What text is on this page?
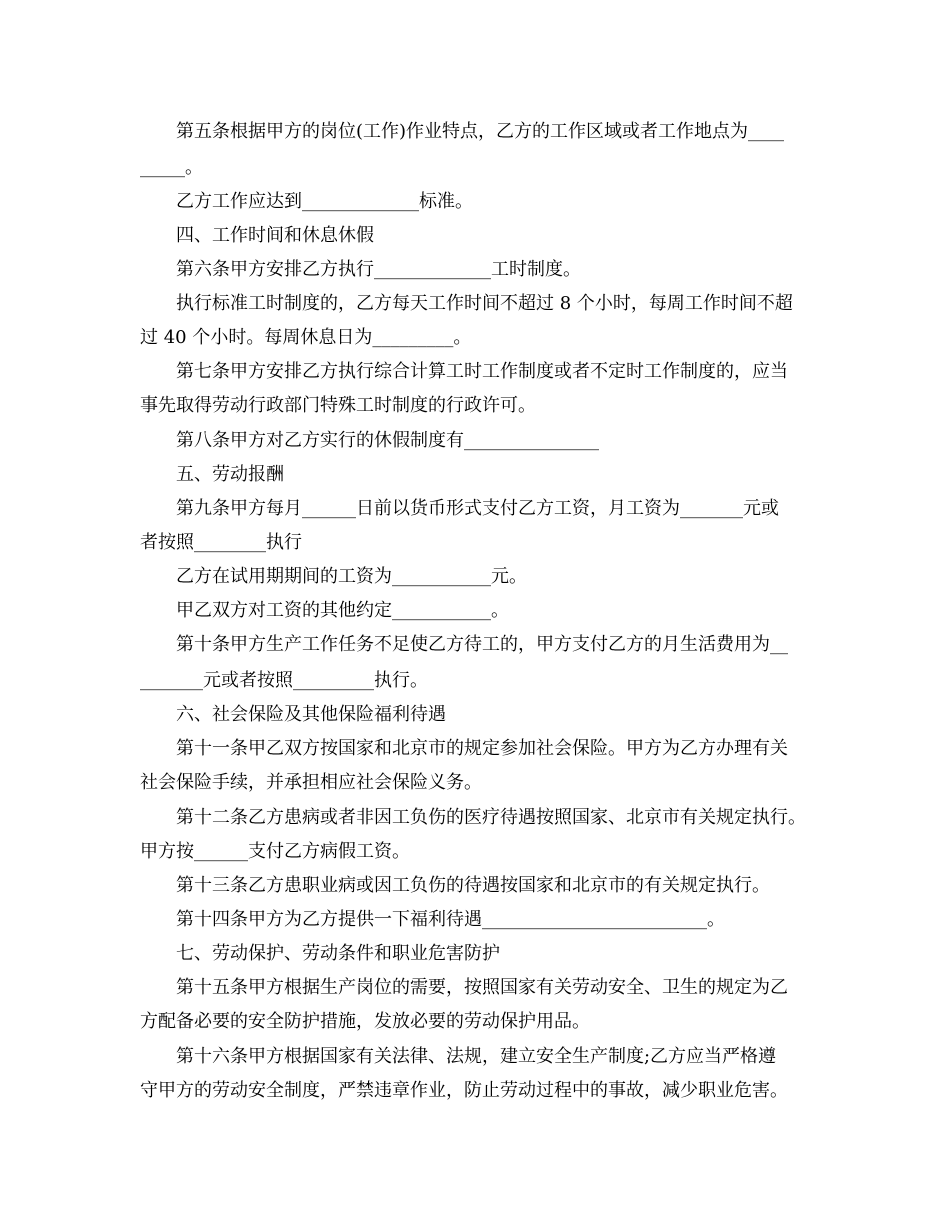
第五条根据甲方的岗位(工作)作业特点，乙方的工作区域或者工作地点为____
_____。
乙方工作应达到_____________标准。
四、工作时间和休息休假
第六条甲方安排乙方执行_____________工时制度。
执行标准工时制度的，乙方每天工作时间不超过 8 个小时，每周工作时间不超
过 40 个小时。每周休息日为_________。
第七条甲方安排乙方执行综合计算工时工作制度或者不定时工作制度的，应当
事先取得劳动行政部门特殊工时制度的行政许可。
第八条甲方对乙方实行的休假制度有_______________
五、劳动报酬
第九条甲方每月______日前以货币形式支付乙方工资，月工资为_______元或
者按照________执行
乙方在试用期期间的工资为___________元。
甲乙双方对工资的其他约定___________。
第十条甲方生产工作任务不足使乙方待工的，甲方支付乙方的月生活费用为__
_______元或者按照_________执行。
六、社会保险及其他保险福利待遇
第十一条甲乙双方按国家和北京市的规定参加社会保险。甲方为乙方办理有关
社会保险手续，并承担相应社会保险义务。
第十二条乙方患病或者非因工负伤的医疗待遇按照国家、北京市有关规定执行。
甲方按______支付乙方病假工资。
第十三条乙方患职业病或因工负伤的待遇按国家和北京市的有关规定执行。
第十四条甲方为乙方提供一下福利待遇_________________________。
七、劳动保护、劳动条件和职业危害防护
第十五条甲方根据生产岗位的需要，按照国家有关劳动安全、卫生的规定为乙
方配备必要的安全防护措施，发放必要的劳动保护用品。
第十六条甲方根据国家有关法律、法规，建立安全生产制度;乙方应当严格遵
守甲方的劳动安全制度，严禁违章作业，防止劳动过程中的事故，减少职业危害。
